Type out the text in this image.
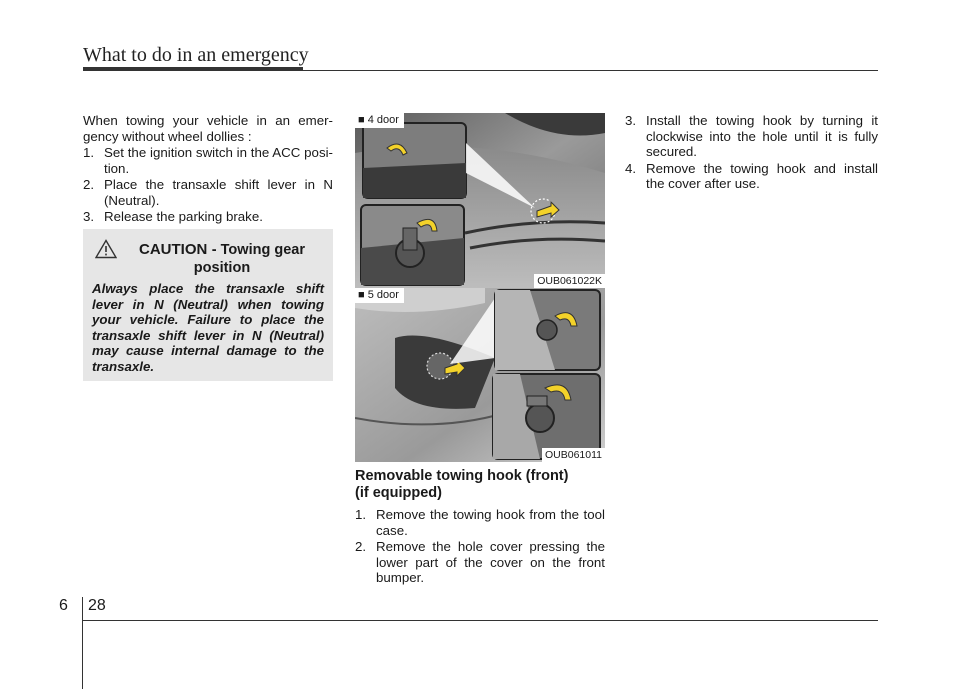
What to do in an emergency

When towing your vehicle in an emer-gency without wheel dollies :

1. Set the ignition switch in the ACC posi-tion.
2. Place the transaxle shift lever in N (Neutral).
3. Release the parking brake.
CAUTION - Towing gear position
Always place the transaxle shift lever in N (Neutral) when towing your vehicle. Failure to place the transaxle shift lever in N (Neutral) may cause internal damage to the transaxle.
■ 4 door
OUB061022K
■ 5 door
OUB061011
Removable towing hook (front)
(if equipped)
1. Remove the towing hook from the tool case.
2. Remove the hole cover pressing the lower part of the cover on the front bumper.
3. Install the towing hook by turning it clockwise into the hole until it is fully secured.
4. Remove the towing hook and install the cover after use.
6 28
